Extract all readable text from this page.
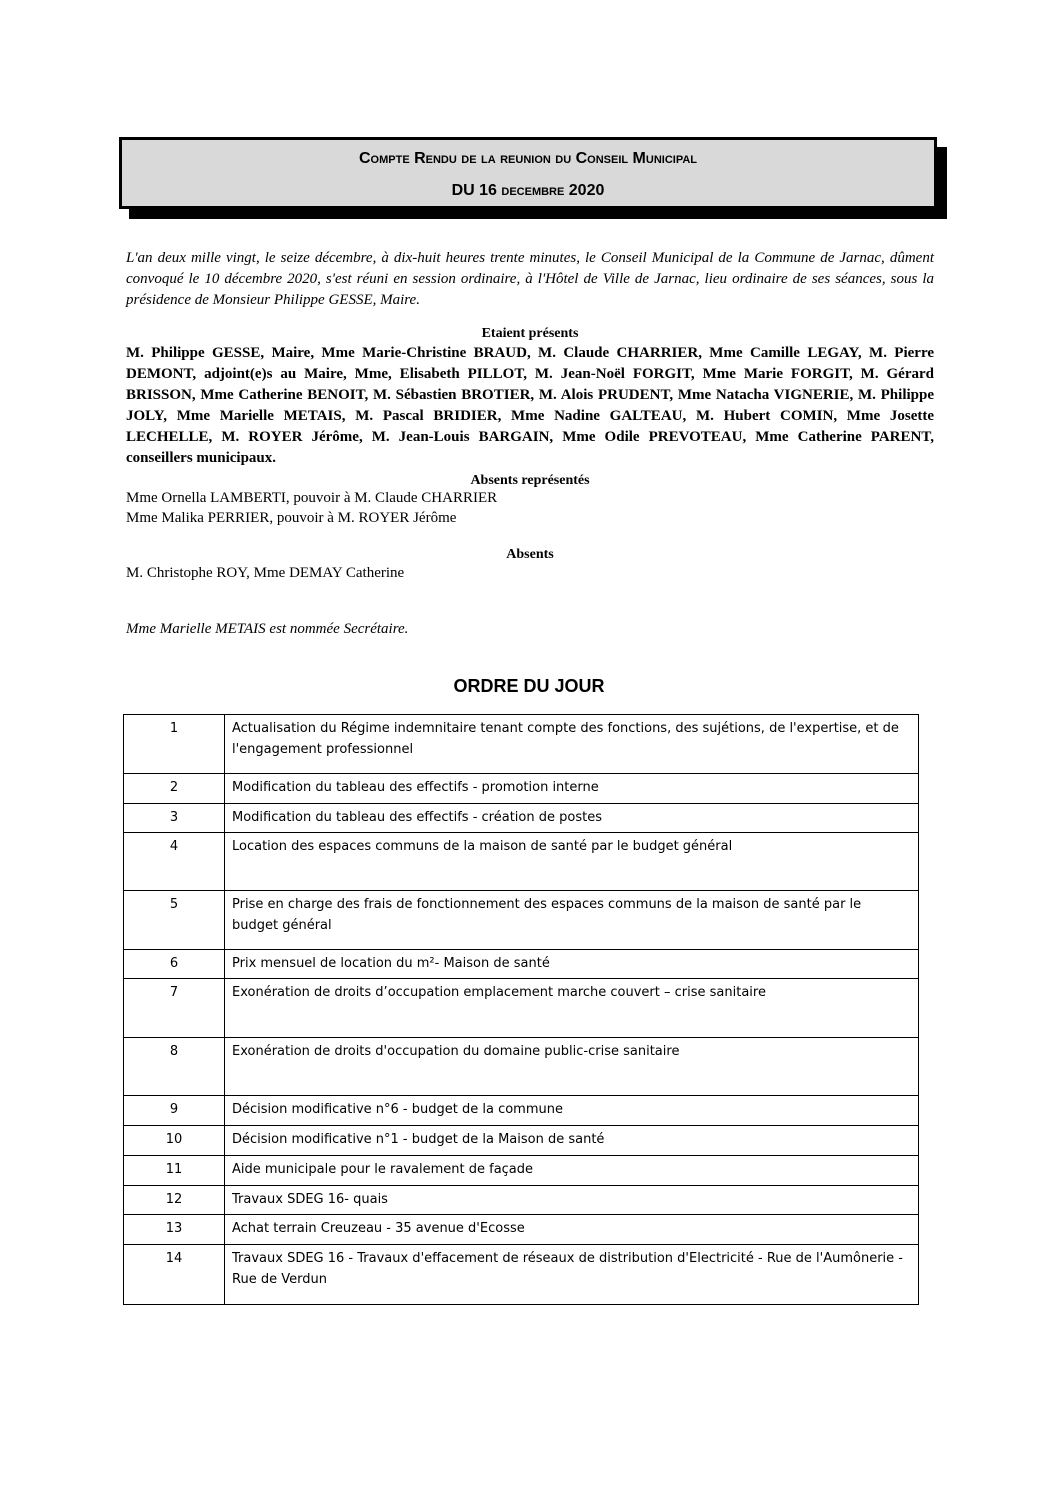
Compte Rendu de la reunion du Conseil Municipal
DU 16 decembre 2020
L'an deux mille vingt, le seize décembre, à dix-huit heures trente minutes, le Conseil Municipal de la Commune de Jarnac, dûment convoqué le 10 décembre 2020, s'est réuni en session ordinaire, à l'Hôtel de Ville de Jarnac, lieu ordinaire de ses séances, sous la présidence de Monsieur Philippe GESSE, Maire.
Etaient présents
M. Philippe GESSE, Maire, Mme Marie-Christine BRAUD, M. Claude CHARRIER, Mme Camille LEGAY, M. Pierre DEMONT, adjoint(e)s au Maire, Mme, Elisabeth PILLOT, M. Jean-Noël FORGIT, Mme Marie FORGIT, M. Gérard BRISSON, Mme Catherine BENOIT, M. Sébastien BROTIER, M. Alois PRUDENT, Mme Natacha VIGNERIE, M. Philippe JOLY, Mme Marielle METAIS, M. Pascal BRIDIER, Mme Nadine GALTEAU, M. Hubert COMIN, Mme Josette LECHELLE, M. ROYER Jérôme, M. Jean-Louis BARGAIN, Mme Odile PREVOTEAU, Mme Catherine PARENT, conseillers municipaux.
Absents représentés
Mme Ornella LAMBERTI, pouvoir à M. Claude CHARRIER
Mme Malika PERRIER, pouvoir à M. ROYER Jérôme
Absents
M. Christophe ROY, Mme DEMAY Catherine
Mme Marielle METAIS est nommée Secrétaire.
ORDRE DU JOUR
1	Actualisation du Régime indemnitaire tenant compte des fonctions, des sujétions, de l'expertise, et de l'engagement professionnel
2	Modification du tableau des effectifs - promotion interne
3	Modification du tableau des effectifs - création de postes
4	Location des espaces communs de la maison de santé par le budget général
5	Prise en charge des frais de fonctionnement des espaces communs de la maison de santé par le budget général
6	Prix mensuel de location du m²- Maison de santé
7	Exonération de droits d’occupation emplacement marche couvert – crise sanitaire
8	Exonération de droits d'occupation du domaine public-crise sanitaire
9	Décision modificative n°6 - budget de la commune
10	Décision modificative n°1 - budget de la Maison de santé
11	Aide municipale pour le ravalement de façade
12	Travaux SDEG 16- quais
13	Achat terrain Creuzeau - 35 avenue d'Ecosse
14	Travaux SDEG 16 - Travaux d'effacement de réseaux de distribution d'Electricité - Rue de l'Aumônerie - Rue de Verdun
